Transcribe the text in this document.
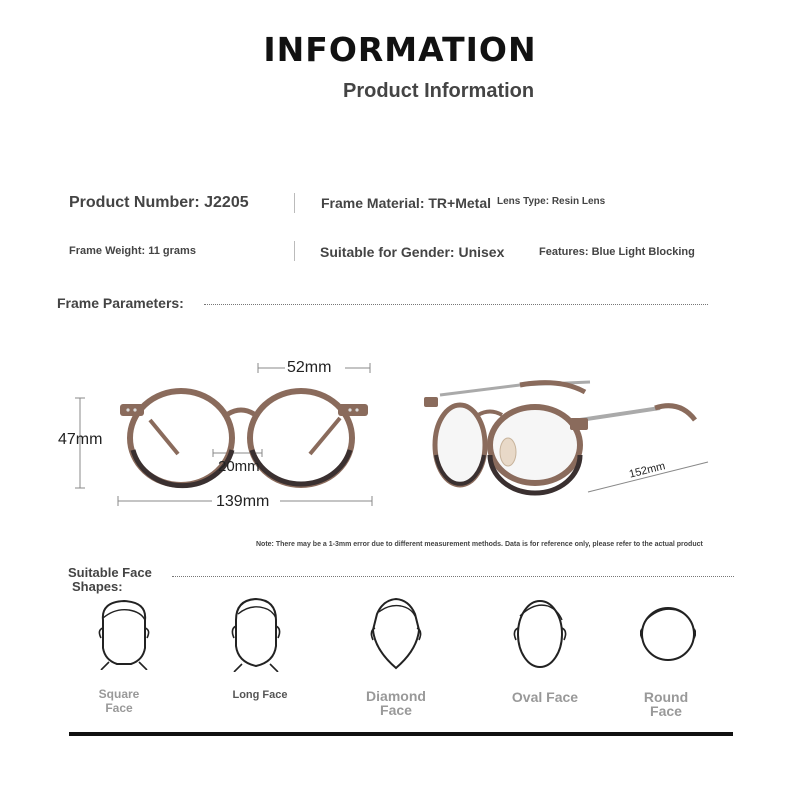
INFORMATION
Product Information
Product Number: J2205	Frame Material: TR+Metal Lens Type: Resin Lens
Frame Weight: 11 grams	Suitable for Gender: Unisex	Features: Blue Light Blocking
Frame Parameters:
52mm
47mm
20mm
139mm
152mm
Note: There may be a 1-3mm error due to different measurement methods. Data is for reference only, please refer to the actual product
Suitable Face
Shapes:
Square
Face
Long Face	Diamond
Face
Oval Face	Round
Face
